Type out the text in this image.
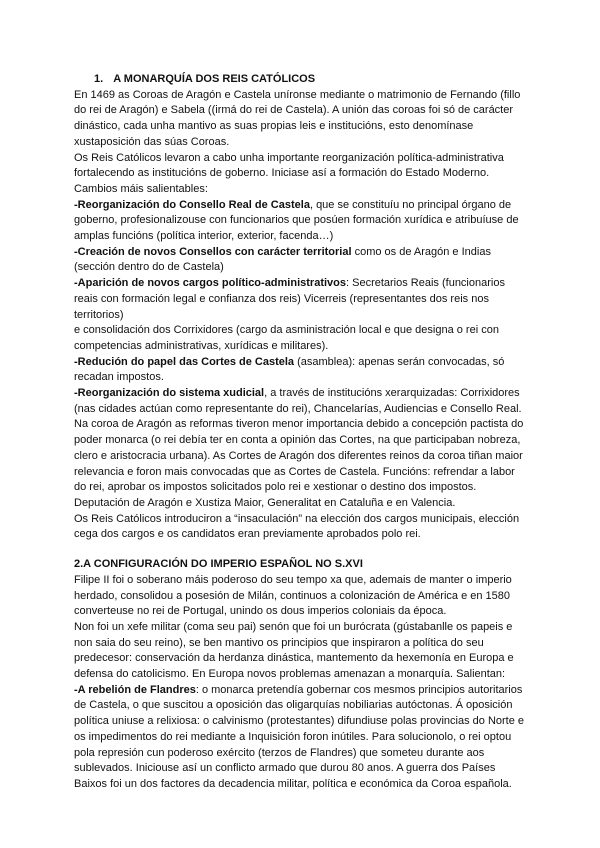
1. A MONARQUÍA DOS REIS CATÓLICOS

En 1469 as Coroas de Aragón e Castela uníronse mediante o matrimonio de Fernando (fillo do rei de Aragón) e Sabela ((irmá do rei de Castela). A unión das coroas foi só de carácter dinástico, cada unha mantivo as suas propias leis e institucións, esto denomínase xustaposición das súas Coroas.

Os Reis Católicos levaron a cabo unha importante reorganización política-administrativa fortalecendo as institucións de goberno. Iniciase así a formación do Estado Moderno.

Cambios máis salientables:

-Reorganización do Consello Real de Castela, que se constituíu no principal órgano de goberno, profesionalizouse con funcionarios que posúen formación xurídica e atribuíuse de amplas funcións (política interior, exterior, facenda…)

-Creación de novos Consellos con carácter territorial como os de Aragón e Indias (sección dentro do de Castela)

-Aparición de novos cargos político-administrativos: Secretarios Reais (funcionarios reais con formación legal e confianza dos reis) Vicerreis (representantes dos reis nos territorios)

e consolidación dos Corrixidores (cargo da asministración local e que designa o rei con competencias administrativas, xurídicas e militares).

-Redución do papel das Cortes de Castela (asamblea): apenas serán convocadas, só recadan impostos.

-Reorganización do sistema xudicial, a través de institucións xerarquizadas: Corrixidores (nas cidades actúan como representante do rei), Chancelarías, Audiencias e Consello Real.

Na coroa de Aragón as reformas tiveron menor importancia debido a concepción pactista do poder monarca (o rei debía ter en conta a opinión das Cortes, na que participaban nobreza, clero e aristocracia urbana). As Cortes de Aragón dos diferentes reinos da coroa tiñan maior relevancia e foron mais convocadas que as Cortes de Castela. Funcións: refrendar a labor do rei, aprobar os impostos solicitados polo rei e xestionar o destino dos impostos.

Deputación de Aragón e Xustiza Maior, Generalitat en Cataluña e en Valencia.

Os Reis Católicos introduciron a “insaculación” na elección dos cargos municipais, elección cega dos cargos e os candidatos eran previamente aprobados polo rei.

2.A CONFIGURACIÓN DO IMPERIO ESPAÑOL NO S.XVI

Filipe II foi o soberano máis poderoso do seu tempo xa que, ademais de manter o imperio herdado, consolidou a posesión de Milán, continuos a colonización de América e en 1580 converteuse no rei de Portugal, unindo os dous imperios coloniais da época.

Non foi un xefe militar (coma seu pai) senón que foi un burócrata (gústabanlle os papeis e non saia do seu reino), se ben mantivo os principios que inspiraron a política do seu predecesor: conservación da herdanza dinástica, mantemento da hexemonía en Europa e defensa do catolicismo. En Europa novos problemas amenazan a monarquía. Salientan:

-A rebelión de Flandres: o monarca pretendía gobernar cos mesmos principios autoritarios de Castela, o que suscitou a oposición das oligarquías nobiliarias autóctonas. Á oposición política uniuse a relixiosa: o calvinismo (protestantes) difundiuse polas provincias do Norte e os impedimentos do rei mediante a Inquisición foron inútiles. Para solucionolo, o rei optou pola represión cun poderoso exército (terzos de Flandres) que someteu durante aos sublevados. Iniciouse así un conflicto armado que durou 80 anos. A guerra dos Países Baixos foi un dos factores da decadencia militar, política e económica da Coroa española.
